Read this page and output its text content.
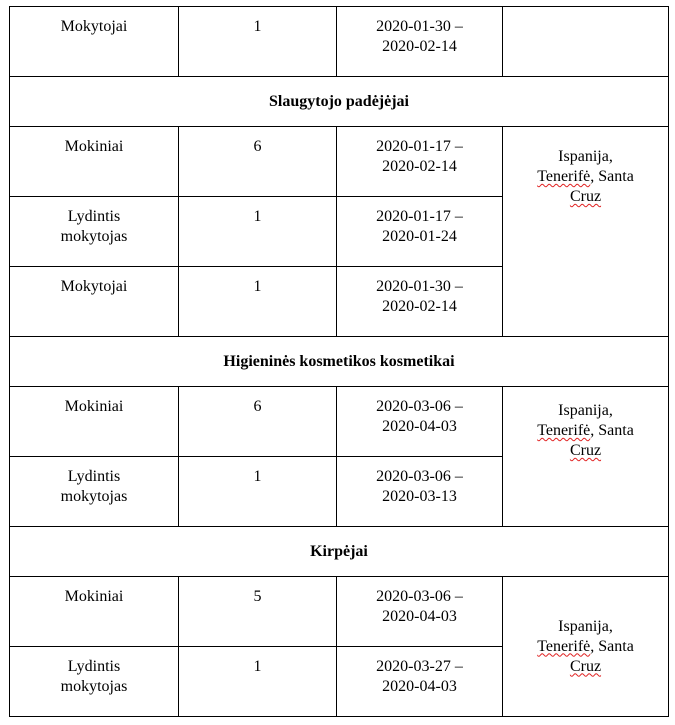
Mokytojai	1	2020-01-30 –
2020-02-14	

Slaugytojo padėjėjai			

Mokiniai	6	2020-01-17 –
2020-02-14	Ispanija,
Tenerifė, Santa
Cruz

Lydintis
mokytojas	1	2020-01-17 –
2020-01-24	

Mokytojai	1	2020-01-30 –
2020-02-14	

Higieninės kosmetikos kosmetikai			

Mokiniai	6	2020-03-06 –
2020-04-03	Ispanija,
Tenerifė, Santa
Cruz

Lydintis
mokytojas	1	2020-03-06 –
2020-03-13	

Kirpėjai			

Mokiniai	5	2020-03-06 –
2020-04-03	Ispanija,
Tenerifė, Santa
Cruz

Lydintis
mokytojas	1	2020-03-27 –
2020-04-03	
